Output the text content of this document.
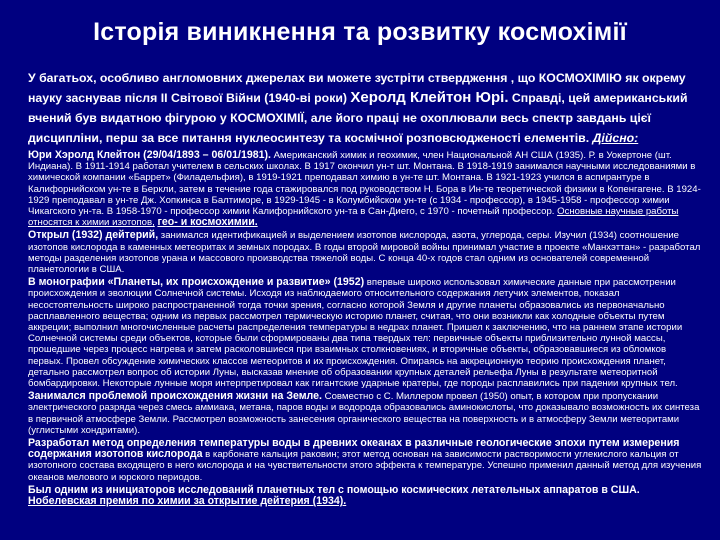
Історія виникнення та розвитку космохімії
У багатьох, особливо англомовних джерелах ви можете зустріти ствердження , що КОСМОХІМІЮ як окрему науку заснував після ІІ Світової Війни (1940-ві роки) Херолд Клейтон Юрі. Справді, цей американський вчений був видатною фігурою у КОСМОХІМІЇ, але його праці не охоплювали весь спектр завдань цієї дисципліни, перш за все питання нуклеосинтезу та космічної розповсюдженості елементів. Дійсно:
Юри Хэролд Клейтон (29/04/1893 – 06/01/1981). Американский химик и геохимик, член Национальной АН США (1935). Р. в Уокертоне (шт. Индиана). В 1911-1914 работал учителем в сельских школах. В 1917 окончил ун-т шт. Монтана. В 1918-1919 занимался научными исследованиями в химической компании «Баррет» (Филадельфия), в 1919-1921 преподавал химию в ун-те шт. Монтана. В 1921-1923 учился в аспирантуре в Калифорнийском ун-те в Беркли, затем в течение года стажировался под руководством Н. Бора в Ин-те теоретической физики в Копенгагене. В 1924-1929 преподавал в ун-те Дж. Хопкинса в Балтиморе, в 1929-1945 - в Колумбийском ун-те (с 1934 - профессор), в 1945-1958 - профессор химии Чикагского ун-та. В 1958-1970 - профессор химии Калифорнийского ун-та в Сан-Диего, с 1970 - почетный профессор. Основные научные работы относятся к химии изотопов, гео- и космохимии.
Открыл (1932) дейтерий, занимался идентификацией и выделением изотопов кислорода, азота, углерода, серы. Изучил (1934) соотношение изотопов кислорода в каменных метеоритах и земных породах. В годы второй мировой войны принимал участие в проекте «Манхэттан» - разработал методы разделения изотопов урана и массового производства тяжелой воды. С конца 40-х годов стал одним из основателей современной планетологии в США.
В монографии «Планеты, их происхождение и развитие» (1952) впервые широко использовал химические данные при рассмотрении происхождения и эволюции Солнечной системы. Исходя из наблюдаемого относительного содержания летучих элементов, показал несостоятельность широко распространенной тогда точки зрения, согласно которой Земля и другие планеты образовались из первоначально расплавленного вещества; одним из первых рассмотрел термическую историю планет, считая, что они возникли как холодные объекты путем аккреции; выполнил многочисленные расчеты распределения температуры в недрах планет. Пришел к заключению, что на раннем этапе истории Солнечной системы среди объектов, которые были сформированы два типа твердых тел: первичные объекты приблизительно лунной массы, прошедшие через процесс нагрева и затем расколовшиеся при взаимных столкновениях, и вторичные объекты, образовавшиеся из обломков первых. Провел обсуждение химических классов метеоритов и их происхождения. Опираясь на аккреционную теорию происхождения планет, детально рассмотрел вопрос об истории Луны, высказав мнение об образовании крупных деталей рельефа Луны в результате метеоритной бомбардировки. Некоторые лунные моря интерпретировал как гигантские ударные кратеры, где породы расплавились при падении крупных тел.
Занимался проблемой происхождения жизни на Земле. Совместно с С. Миллером провел (1950) опыт, в котором при пропускании электрического разряда через смесь аммиака, метана, паров воды и водорода образовались аминокислоты, что доказывало возможность их синтеза в первичной атмосфере Земли. Рассмотрел возможность занесения органического вещества на поверхность и в атмосферу Земли метеоритами (углистыми хондритами).
Разработал метод определения температуры воды в древних океанах в различные геологические эпохи путем измерения содержания изотопов кислорода в карбонате кальция раковин; этот метод основан на зависимости растворимости углекислого кальция от изотопного состава входящего в него кислорода и на чувствительности этого эффекта к температуре. Успешно применил данный метод для изучения океанов мелового и юрского периодов.

Был одним из инициаторов исследований планетных тел с помощью космических летательных аппаратов в США.

Нобелевская премия по химии за открытие дейтерия (1934).
